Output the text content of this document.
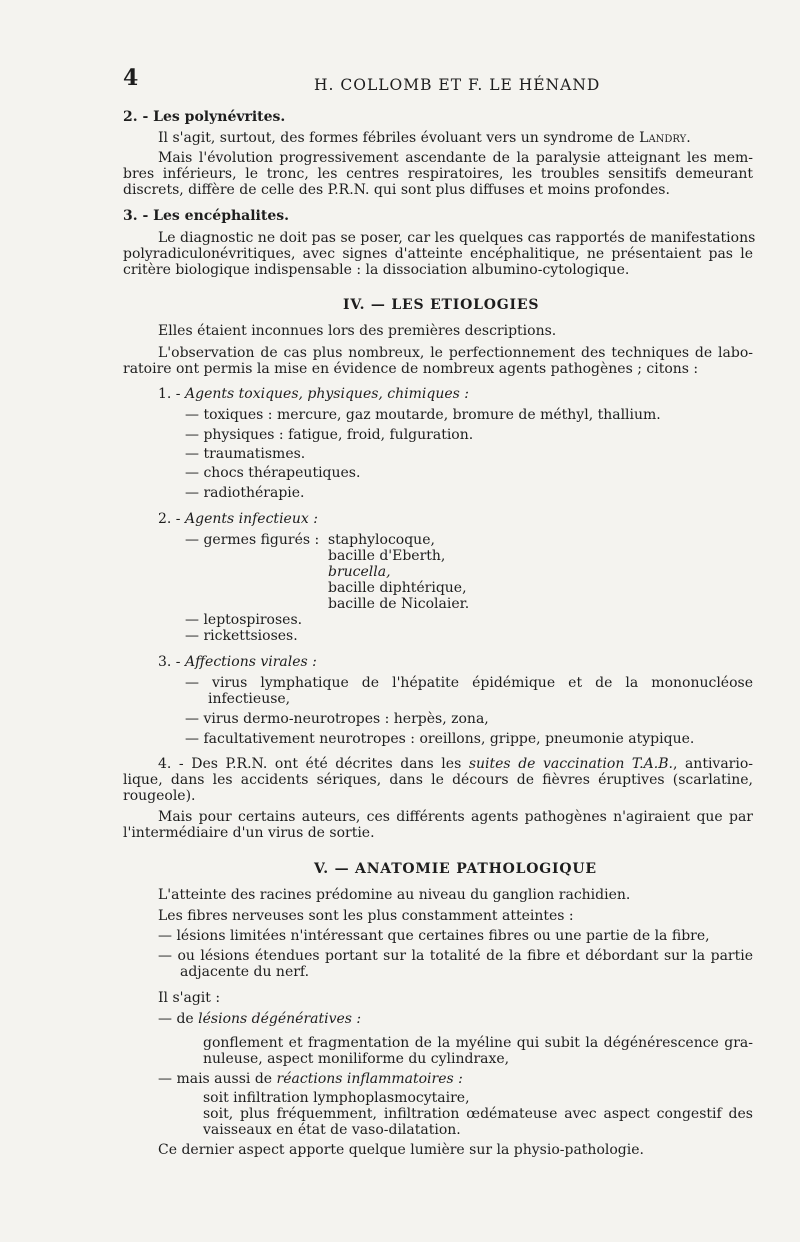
4	H. COLLOMB ET F. LE HÉNAND
2. - Les polynévrites.
Il s'agit, surtout, des formes fébriles évoluant vers un syndrome de Landry.
Mais l'évolution progressivement ascendante de la paralysie atteignant les mem-
bres inférieurs, le tronc, les centres respiratoires, les troubles sensitifs demeurant
discrets, diffère de celle des P.R.N. qui sont plus diffuses et moins profondes.
3. - Les encéphalites.
Le diagnostic ne doit pas se poser, car les quelques cas rapportés de manifestations
polyradiculonévritiques, avec signes d'atteinte encéphalitique, ne présentaient pas le
critère biologique indispensable : la dissociation albumino-cytologique.
IV. — LES ETIOLOGIES
Elles étaient inconnues lors des premières descriptions.
L'observation de cas plus nombreux, le perfectionnement des techniques de labo-
ratoire ont permis la mise en évidence de nombreux agents pathogènes ; citons :
1. - Agents toxiques, physiques, chimiques :
— toxiques : mercure, gaz moutarde, bromure de méthyl, thallium.
— physiques : fatigue, froid, fulguration.
— traumatismes.
— chocs thérapeutiques.
— radiothérapie.
2. - Agents infectieux :
— germes figurés : staphylocoque,
bacille d'Eberth,
brucella,
bacille diphtérique,
bacille de Nicolaier.
— leptospiroses.
— rickettsioses.
3. - Affections virales :
— virus lymphatique de l'hépatite épidémique et de la mononucléose
infectieuse,
— virus dermo-neurotropes : herpès, zona,
— facultativement neurotropes : oreillons, grippe, pneumonie atypique.
4. - Des P.R.N. ont été décrites dans les suites de vaccination T.A.B., antivario-
lique, dans les accidents sériques, dans le décours de fièvres éruptives (scarlatine,
rougeole).
Mais pour certains auteurs, ces différents agents pathogènes n'agiraient que par
l'intermédiaire d'un virus de sortie.
V. — ANATOMIE PATHOLOGIQUE
L'atteinte des racines prédomine au niveau du ganglion rachidien.
Les fibres nerveuses sont les plus constamment atteintes :
— lésions limitées n'intéressant que certaines fibres ou une partie de la fibre,
— ou lésions étendues portant sur la totalité de la fibre et débordant sur la partie
adjacente du nerf.
Il s'agit :
— de lésions dégénératives :
gonflement et fragmentation de la myéline qui subit la dégénérescence gra-
nuleuse, aspect moniliforme du cylindraxe,
— mais aussi de réactions inflammatoires :
soit infiltration lymphoplasmocytaire,
soit, plus fréquemment, infiltration œdémateuse avec aspect congestif des
vaisseaux en état de vaso-dilatation.
Ce dernier aspect apporte quelque lumière sur la physio-pathologie.
